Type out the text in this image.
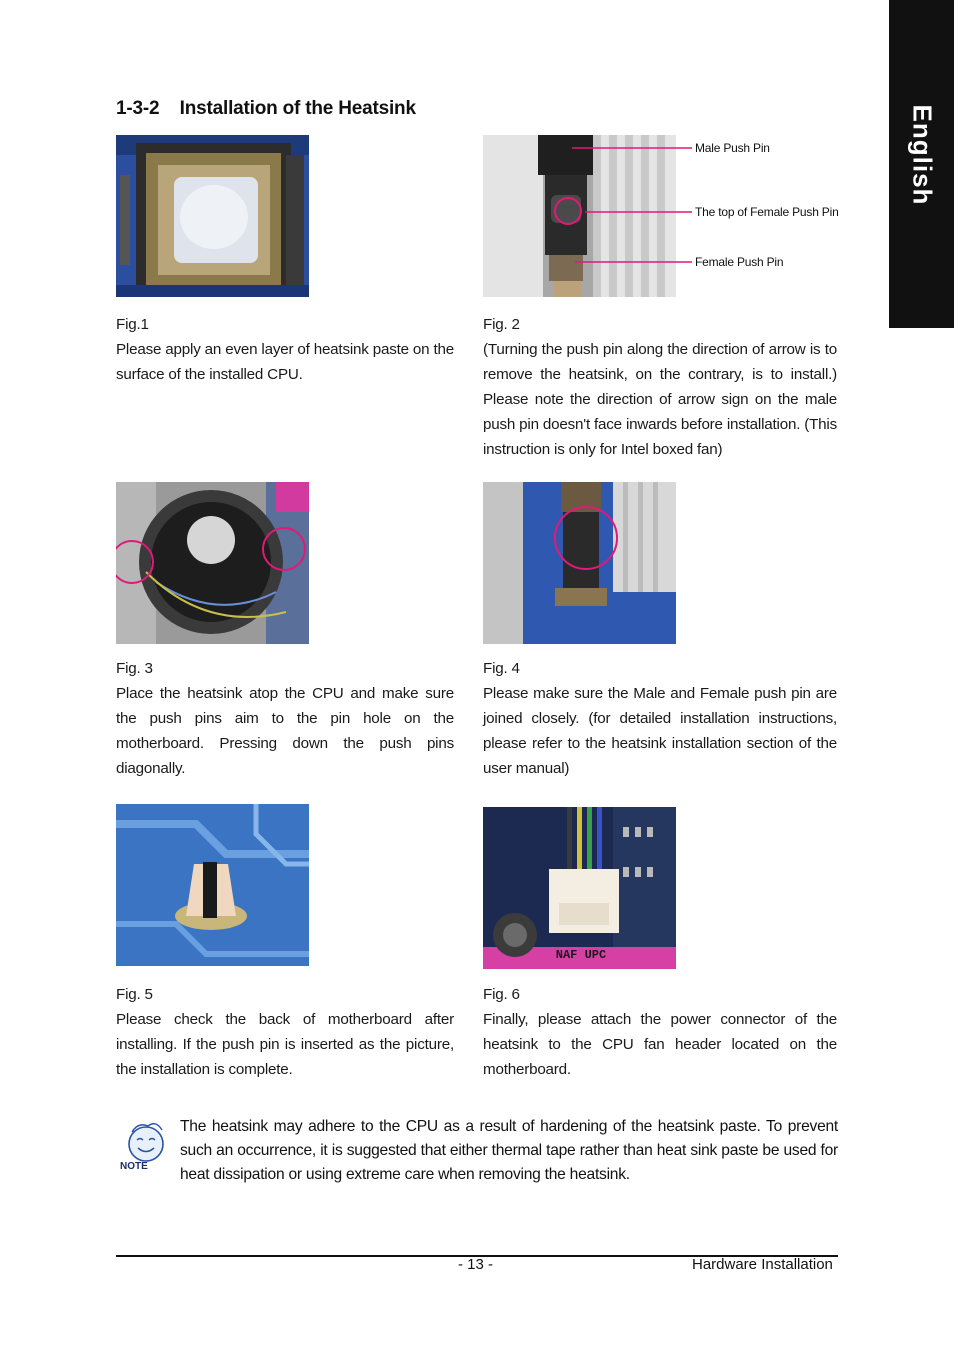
English
1-3-2    Installation of the Heatsink
Male Push Pin
The top of Female Push Pin
Female Push Pin
Fig.1
Please apply an even layer of heatsink paste on the surface of the installed CPU.
Fig. 2
(Turning the push pin along the direction of arrow is to remove the heatsink, on the contrary, is to install.) Please note the direction of arrow sign on the male push pin doesn't face inwards before installation. (This instruction is only for Intel boxed fan)
Fig. 3
Place the heatsink atop the CPU and make sure the push pins aim to the pin hole on the motherboard. Pressing down the push pins diagonally.
Fig. 4
Please make sure the Male and Female push pin are joined closely. (for detailed installation instructions, please refer to the heatsink installation section of the user manual)
NAF UPC
Fig. 5
Please check the back of motherboard after installing. If the push pin is inserted as the picture, the installation is complete.
Fig. 6
Finally, please attach the power connector of the heatsink to the CPU fan header located on the motherboard.
NOTE
The heatsink may adhere to the CPU as a result of hardening of the heatsink paste. To prevent such an occurrence, it is suggested that either thermal tape rather than heat sink paste be used for heat dissipation or using extreme care when removing the heatsink.
- 13 -	Hardware Installation
